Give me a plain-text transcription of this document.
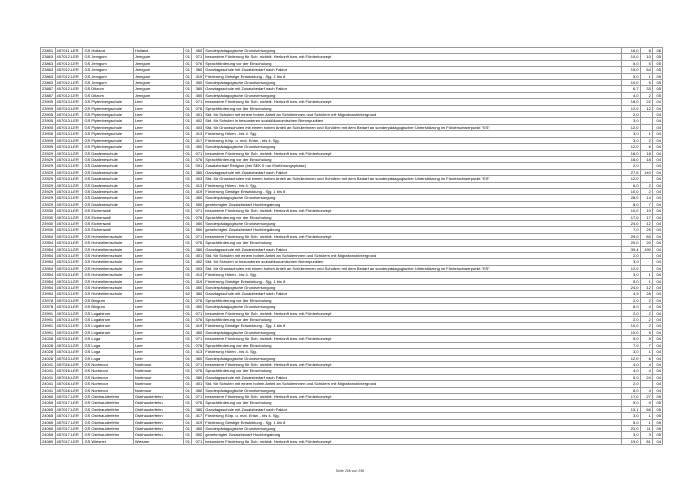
23851	457011.LER	GS Holland	Holland	01	450	Sonderpädagogische Grundversorgung	16,0	8	06
23863	457012.LER	GS Jemgum	Jemgum	01	071	besondere Förderung für Sch. nichtdt. Herkunft bzw. mit Förderkonzept	10,0	10	05
23863	457012.LER	GS Jemgum	Jemgum	01	076	Sprachförderung vor der Einschulung	5,0	5	05
23863	457012.LER	GS Jemgum	Jemgum	01	380	Ganztagsschule mit Zusatzbedarf nach Faktor	15,0	64	05
23863	457012.LER	GS Jemgum	Jemgum	01	419	Förderung Geistige Entwicklung - Sjg. 1 bis 8	5,0	1	05
23863	457012.LER	GS Jemgum	Jemgum	01	450	Sonderpädagogische Grundversorgung	10,0	5	05
23887	457012.LER	GS Ditzum	Jemgum	01	380	Ganztagsschule mit Zusatzbedarf nach Faktor	6,7	33	05
23887	457012.LER	GS Ditzum	Jemgum	01	450	Sonderpädagogische Grundversorgung	4,0	2	05
23905	457013.LER	GS Plytenbergschule	Leer	01	071	besondere Förderung für Sch. nichtdt. Herkunft bzw. mit Förderkonzept	18,0	22	04
23905	457013.LER	GS Plytenbergschule	Leer	01	076	Sprachförderung vor der Einschulung	12,0	12	04
23905	457013.LER	GS Plytenbergschule	Leer	01	401	Std. für Schulen mit einem hohen Anteil an Schülerinnen und Schülern mit Migrationshintergrund	2,0		04
23905	457013.LER	GS Plytenbergschule	Leer	01	402	Std. für Schulen in besonderen sozialökonomischen Brennpunkten	3,0		04
23905	457013.LER	GS Plytenbergschule	Leer	01	403	Std. für Grundschulen mit einem hohen Anteil an Schülerinnen und Schülern mit dem Bedarf an sonderpädagogischer Unterstützung im Förderschwerpunkt "ES"	12,0		04
23905	457013.LER	GS Plytenbergschule	Leer	01	413	Förderung Hören - bis 4. Sjg.	3,0	1	04
23905	457013.LER	GS Plytenbergschule	Leer	01	417	Förderung Körp. u. mot. Entw. - bis 4. Sjg.	3,0	2	04
23905	457013.LER	GS Plytenbergschule	Leer	01	450	Sonderpädagogische Grundversorgung	12,0	6	04
23929	457013.LER	GS Daaleneschule	Leer	01	071	besondere Förderung für Sch. nichtdt. Herkunft bzw. mit Förderkonzept	18,0	18	04
23929	457013.LER	GS Daaleneschule	Leer	01	076	Sprachförderung vor der Einschulung	18,0	18	04
23929	457013.LER	GS Daaleneschule	Leer	01	091	Zusatzbedarf Religion (bei SEK II nur Einführungsphase)	2,0		04
23929	457013.LER	GS Daaleneschule	Leer	01	380	Ganztagsschule mit Zusatzbedarf nach Faktor	27,5	140	04
23929	457013.LER	GS Daaleneschule	Leer	01	403	Std. für Grundschulen mit einem hohen Anteil an Schülerinnen und Schülern mit dem Bedarf an sonderpädagogischer Unterstützung im Förderschwerpunkt "ES"	12,0		04
23929	457013.LER	GS Daaleneschule	Leer	01	413	Förderung Hören - bis 4. Sjg.	6,0	2	04
23929	457013.LER	GS Daaleneschule	Leer	01	419	Förderung Geistige Entwicklung - Sjg. 1 bis 8	10,0	2	04
23929	457013.LER	GS Daaleneschule	Leer	01	450	Sonderpädagogische Grundversorgung	28,0	14	04
23929	457013.LER	GS Daaleneschule	Leer	01	950	genehmigter Zusatzbedarf Hochbegabung	8,0	7	04
23930	457013.LER	GS Eichenwall	Leer	01	071	besondere Förderung für Sch. nichtdt. Herkunft bzw. mit Förderkonzept	10,0	10	04
23930	457013.LER	GS Eichenwall	Leer	01	076	Sprachförderung vor der Einschulung	17,0	17	04
23930	457013.LER	GS Eichenwall	Leer	01	450	Sonderpädagogische Grundversorgung	24,0	12	04
23930	457013.LER	GS Eichenwall	Leer	01	950	genehmigter Zusatzbedarf Hochbegabung	7,0	25	04
23954	457013.LER	GS Hoheellernschule	Leer	01	071	besondere Förderung für Sch. nichtdt. Herkunft bzw. mit Förderkonzept	29,0	83	04
23954	457013.LER	GS Hoheellernschule	Leer	01	076	Sprachförderung vor der Einschulung	20,0	20	04
23954	457013.LER	GS Hoheellernschule	Leer	01	380	Ganztagsschule mit Zusatzbedarf nach Faktor	39,4	190	04
23954	457013.LER	GS Hoheellernschule	Leer	01	401	Std. für Schulen mit einem hohen Anteil an Schülerinnen und Schülern mit Migrationshintergrund	2,0		04
23954	457013.LER	GS Hoheellernschule	Leer	01	402	Std. für Schulen in besonderen sozialökonomischen Brennpunkten	3,0		04
23954	457013.LER	GS Hoheellernschule	Leer	01	403	Std. für Grundschulen mit einem hohen Anteil an Schülerinnen und Schülern mit dem Bedarf an sonderpädagogischer Unterstützung im Förderschwerpunkt "ES"	12,0		04
23954	457013.LER	GS Hoheellernschule	Leer	01	413	Förderung Hören - bis 4. Sjg.	3,0	1	04
23954	457013.LER	GS Hoheellernschule	Leer	01	419	Förderung Geistige Entwicklung - Sjg. 1 bis 8	5,0	1	04
23954	457013.LER	GS Hoheellernschule	Leer	01	450	Sonderpädagogische Grundversorgung	24,0	12	04
23954	457013.LER	GS Hoheellernschule	Leer	62	380	Ganztagsschule mit Zusatzbedarf nach Faktor	4,9	28	04
23978	457013.LER	GS Bingum	Leer	01	076	Sprachförderung vor der Einschulung	2,0	2	04
23978	457013.LER	GS Bingum	Leer	01	450	Sonderpädagogische Grundversorgung	8,0	4	04
23991	457013.LER	GS Logabirum	Leer	01	071	besondere Förderung für Sch. nichtdt. Herkunft bzw. mit Förderkonzept	2,0	2	04
23991	457013.LER	GS Logabirum	Leer	01	076	Sprachförderung vor der Einschulung	2,0	2	04
23991	457013.LER	GS Logabirum	Leer	01	419	Förderung Geistige Entwicklung - Sjg. 1 bis 8	10,0	2	04
23991	457013.LER	GS Logabirum	Leer	01	450	Sonderpädagogische Grundversorgung	10,0	5	04
24028	457013.LER	GS Loga	Leer	01	071	besondere Förderung für Sch. nichtdt. Herkunft bzw. mit Förderkonzept	5,0	5	04
24028	457013.LER	GS Loga	Leer	01	076	Sprachförderung vor der Einschulung	7,0	7	04
24028	457013.LER	GS Loga	Leer	01	413	Förderung Hören - bis 4. Sjg.	3,0	1	04
24028	457013.LER	GS Loga	Leer	01	450	Sonderpädagogische Grundversorgung	12,0	6	04
24041	457016.LER	GS Nortmoor	Nortmoor	01	071	besondere Förderung für Sch. nichtdt. Herkunft bzw. mit Förderkonzept	4,0	4	04
24041	457016.LER	GS Nortmoor	Nortmoor	01	076	Sprachförderung vor der Einschulung	4,0	4	04
24041	457016.LER	GS Nortmoor	Nortmoor	01	380	Ganztagsschule mit Zusatzbedarf nach Faktor	5,0	24	04
24041	457016.LER	GS Nortmoor	Nortmoor	01	401	Std. für Schulen mit einem hohen Anteil an Schülerinnen und Schülern mit Migrationshintergrund	2,0		04
24041	457016.LER	GS Nortmoor	Nortmoor	01	450	Sonderpädagogische Grundversorgung	8,0	4	04
24065	457017.LER	GS Ostrhauderfehn	Ostrhauderfehn	01	071	besondere Förderung für Sch. nichtdt. Herkunft bzw. mit Förderkonzept	17,0	27	05
24065	457017.LER	GS Ostrhauderfehn	Ostrhauderfehn	01	076	Sprachförderung vor der Einschulung	9,0	9	05
24065	457017.LER	GS Ostrhauderfehn	Ostrhauderfehn	01	380	Ganztagsschule mit Zusatzbedarf nach Faktor	13,1	66	05
24065	457017.LER	GS Ostrhauderfehn	Ostrhauderfehn	01	417	Förderung Körp. u. mot. Entw. - bis 4. Sjg.	3,0	1	05
24065	457017.LER	GS Ostrhauderfehn	Ostrhauderfehn	01	419	Förderung Geistige Entwicklung - Sjg. 1 bis 8	5,0	1	05
24065	457017.LER	GS Ostrhauderfehn	Ostrhauderfehn	01	450	Sonderpädagogische Grundversorgung	22,0	11	05
24065	457017.LER	GS Ostrhauderfehn	Ostrhauderfehn	01	950	genehmigter Zusatzbedarf Hochbegabung	3,0	3	05
24089	457017.LER	GS Wiesner	Wiesner	01	071	besondere Förderung für Sch. nichtdt. Herkunft bzw. mit Förderkonzept	19,0	81	04
Seite 256 von 298
